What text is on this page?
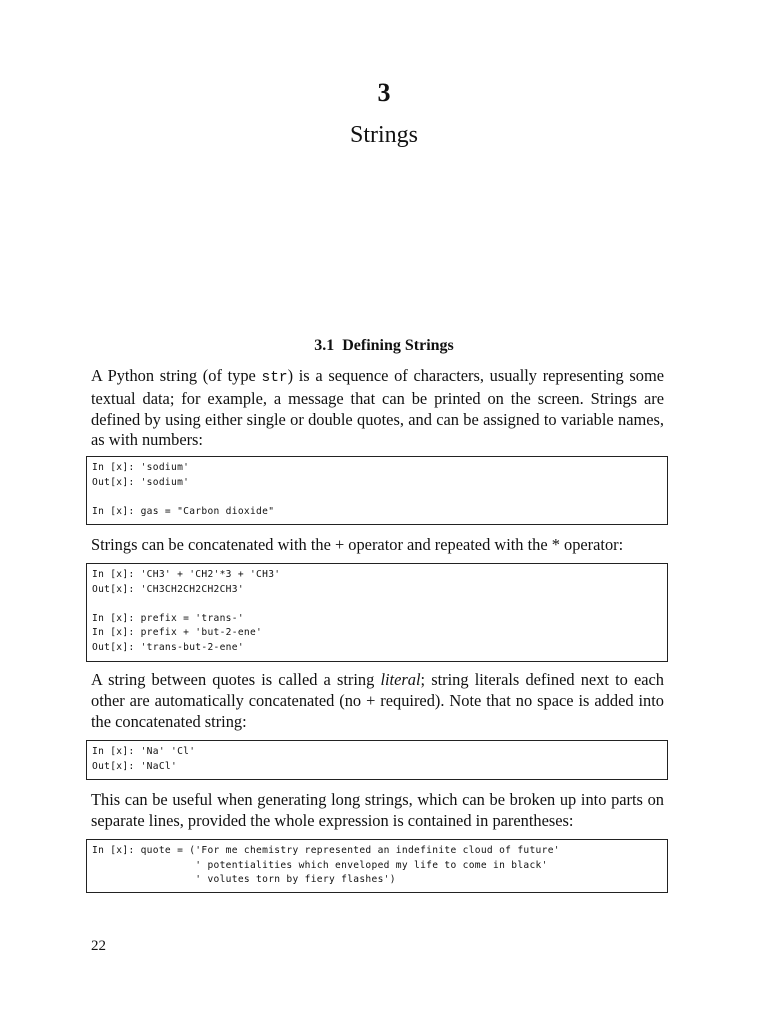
3
Strings
3.1 Defining Strings

A Python string (of type str) is a sequence of characters, usually representing some textual data; for example, a message that can be printed on the screen. Strings are defined by using either single or double quotes, and can be assigned to variable names, as with numbers:

In [x]: 'sodium'
Out[x]: 'sodium'
In [x]: gas = "Carbon dioxide"

Strings can be concatenated with the + operator and repeated with the * operator:

In [x]: 'CH3' + 'CH2'*3 + 'CH3'
Out[x]: 'CH3CH2CH2CH2CH3'
In [x]: prefix = 'trans-'
In [x]: prefix + 'but-2-ene'
Out[x]: 'trans-but-2-ene'

A string between quotes is called a string literal; string literals defined next to each other are automatically concatenated (no + required). Note that no space is added into the concatenated string:

In [x]: 'Na' 'Cl'
Out[x]: 'NaCl'

This can be useful when generating long strings, which can be broken up into parts on separate lines, provided the whole expression is contained in parentheses:

In [x]: quote = ('For me chemistry represented an indefinite cloud of future'
' potentialities which enveloped my life to come in black'
' volutes torn by fiery flashes')
22
